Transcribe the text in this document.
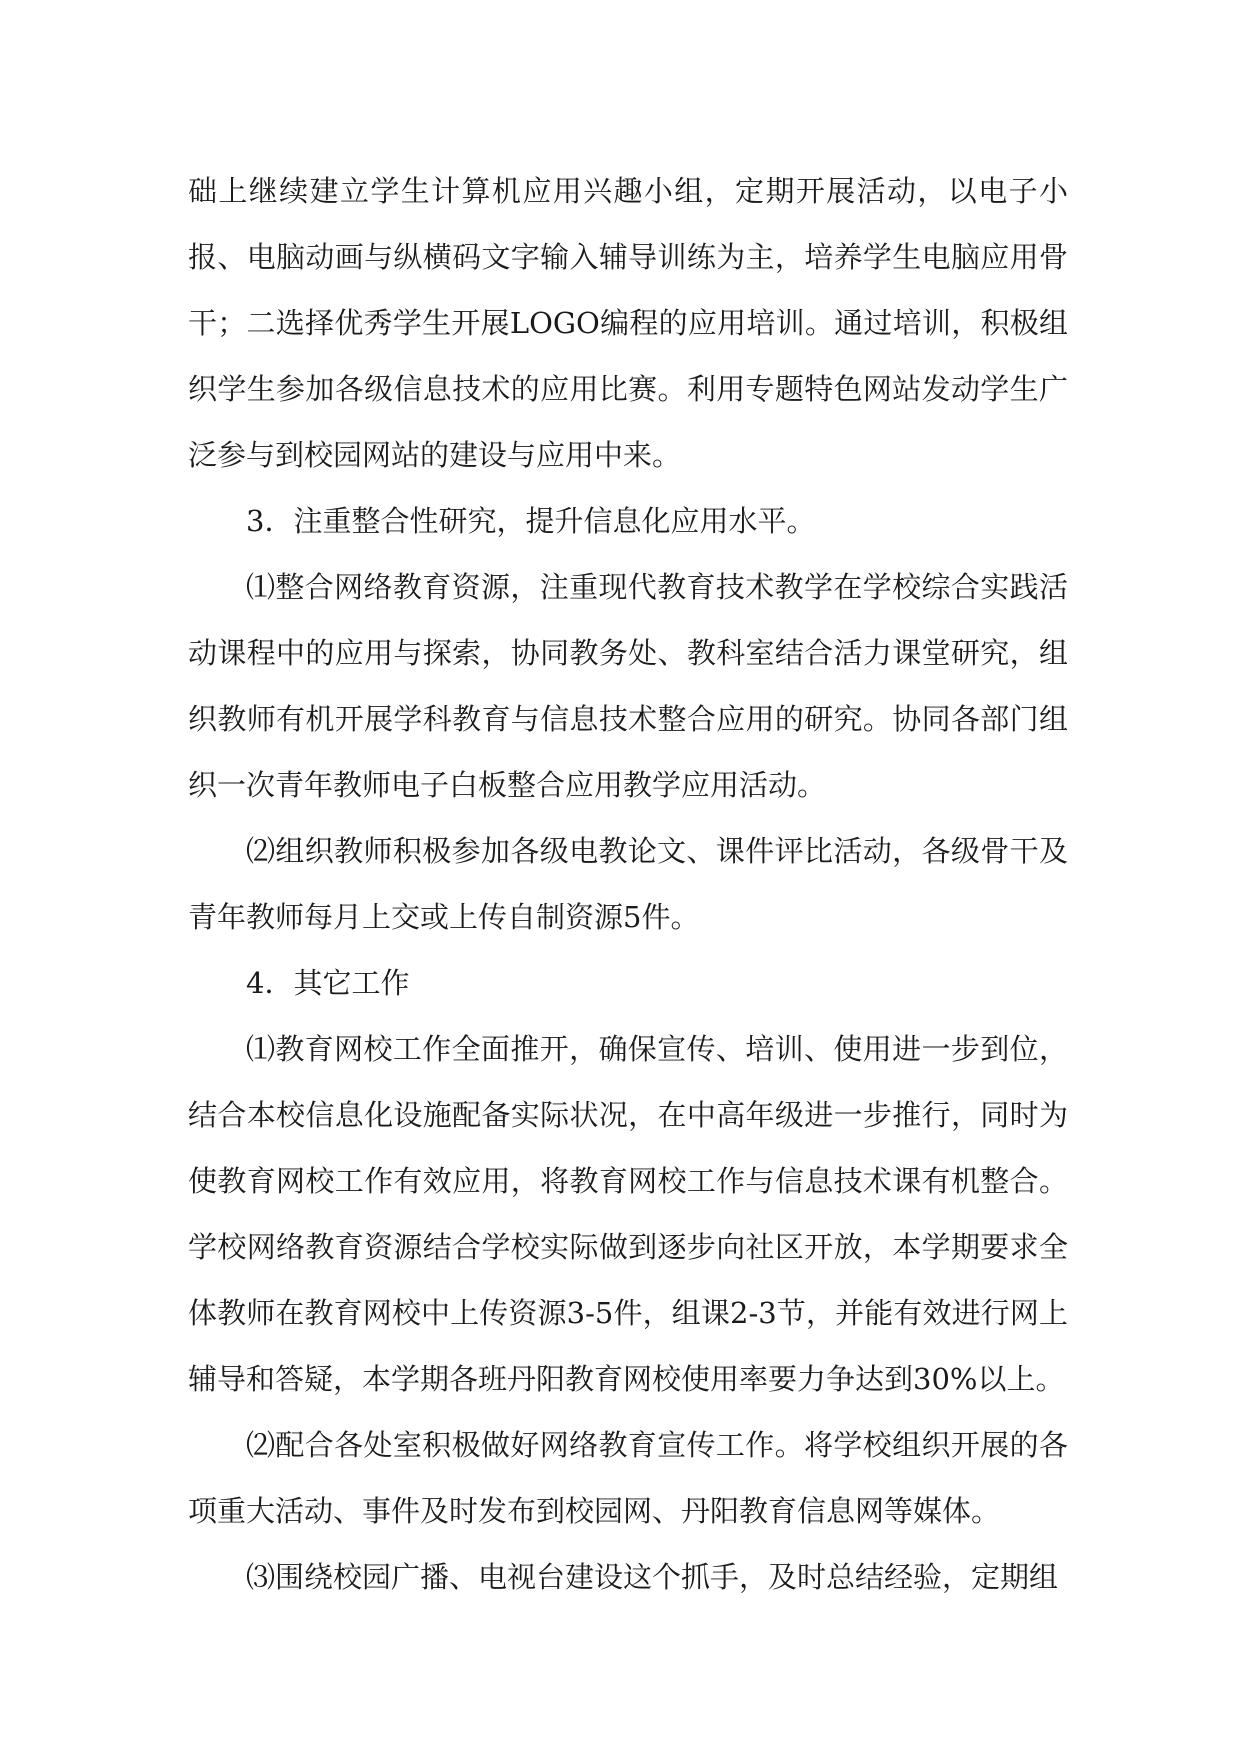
础上继续建立学生计算机应用兴趣小组，定期开展活动，以电子小报、电脑动画与纵横码文字输入辅导训练为主，培养学生电脑应用骨干；二选择优秀学生开展LOGO编程的应用培训。通过培训，积极组织学生参加各级信息技术的应用比赛。利用专题特色网站发动学生广泛参与到校园网站的建设与应用中来。

3．注重整合性研究，提升信息化应用水平。

⑴整合网络教育资源，注重现代教育技术教学在学校综合实践活动课程中的应用与探索，协同教务处、教科室结合活力课堂研究，组织教师有机开展学科教育与信息技术整合应用的研究。协同各部门组织一次青年教师电子白板整合应用教学应用活动。

⑵组织教师积极参加各级电教论文、课件评比活动，各级骨干及青年教师每月上交或上传自制资源5件。

4．其它工作

⑴教育网校工作全面推开，确保宣传、培训、使用进一步到位，结合本校信息化设施配备实际状况，在中高年级进一步推行，同时为使教育网校工作有效应用，将教育网校工作与信息技术课有机整合。学校网络教育资源结合学校实际做到逐步向社区开放，本学期要求全体教师在教育网校中上传资源3-5件，组课2-3节，并能有效进行网上辅导和答疑，本学期各班丹阳教育网校使用率要力争达到30%以上。

⑵配合各处室积极做好网络教育宣传工作。将学校组织开展的各项重大活动、事件及时发布到校园网、丹阳教育信息网等媒体。

⑶围绕校园广播、电视台建设这个抓手，及时总结经验，定期组
